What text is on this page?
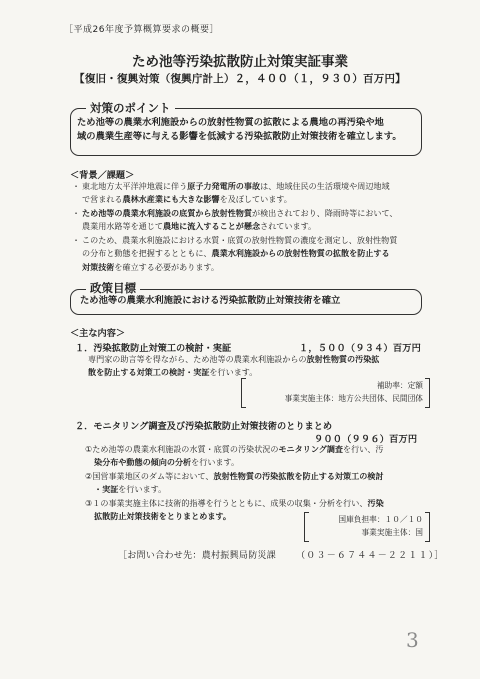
［平成26年度予算概算要求の概要］
ため池等汚染拡散防止対策実証事業
【復旧・復興対策（復興庁計上）２，４００（１，９３０）百万円】
対策のポイント
ため池等の農業水利施設からの放射性物質の拡散による農地の再汚染や地
域の農業生産等に与える影響を低減する汚染拡散防止対策技術を確立します。
＜背景／課題＞
・ 東北地方太平洋沖地震に伴う原子力発電所の事故は、地域住民の生活環境や周辺地域
で営まれる農林水産業にも大きな影響を及ぼしています。
・ ため池等の農業水利施設の底質から放射性物質が検出されており、降雨時等において、
農業用水路等を通じて農地に流入することが懸念されています。
・ このため、農業水利施設における水質・底質の放射性物質の濃度を測定し、放射性物質
の分布と動態を把握するとともに、農業水利施設からの放射性物質の拡散を防止する
対策技術を確立する必要があります。
政策目標
ため池等の農業水利施設における汚染拡散防止対策技術を確立
＜主な内容＞
１．汚染拡散防止対策工の検討・実証	１，５００（９３４）百万円
専門家の助言等を得ながら、ため池等の農業水利施設からの放射性物質の汚染拡
散を防止する対策工の検討・実証を行います。
補助率：定額
事業実施主体：地方公共団体、民間団体
２．モニタリング調査及び汚染拡散防止対策技術のとりまとめ
９００（９９６）百万円
①ため池等の農業水利施設の水質・底質の汚染状況のモニタリング調査を行い、汚
染分布や動態の傾向の分析を行います。
②国営事業地区のダム等において、放射性物質の汚染拡散を防止する対策工の検討
・実証を行います。
③１の事業実施主体に技術的指導を行うとともに、成果の収集・分析を行い、汚染
拡散防止対策技術をとりまとめます。	国庫負担率：１０／１０
事業実施主体：国
［お問い合わせ先：農村振興局防災課 （０３－６７４４－２２１１）］
3
